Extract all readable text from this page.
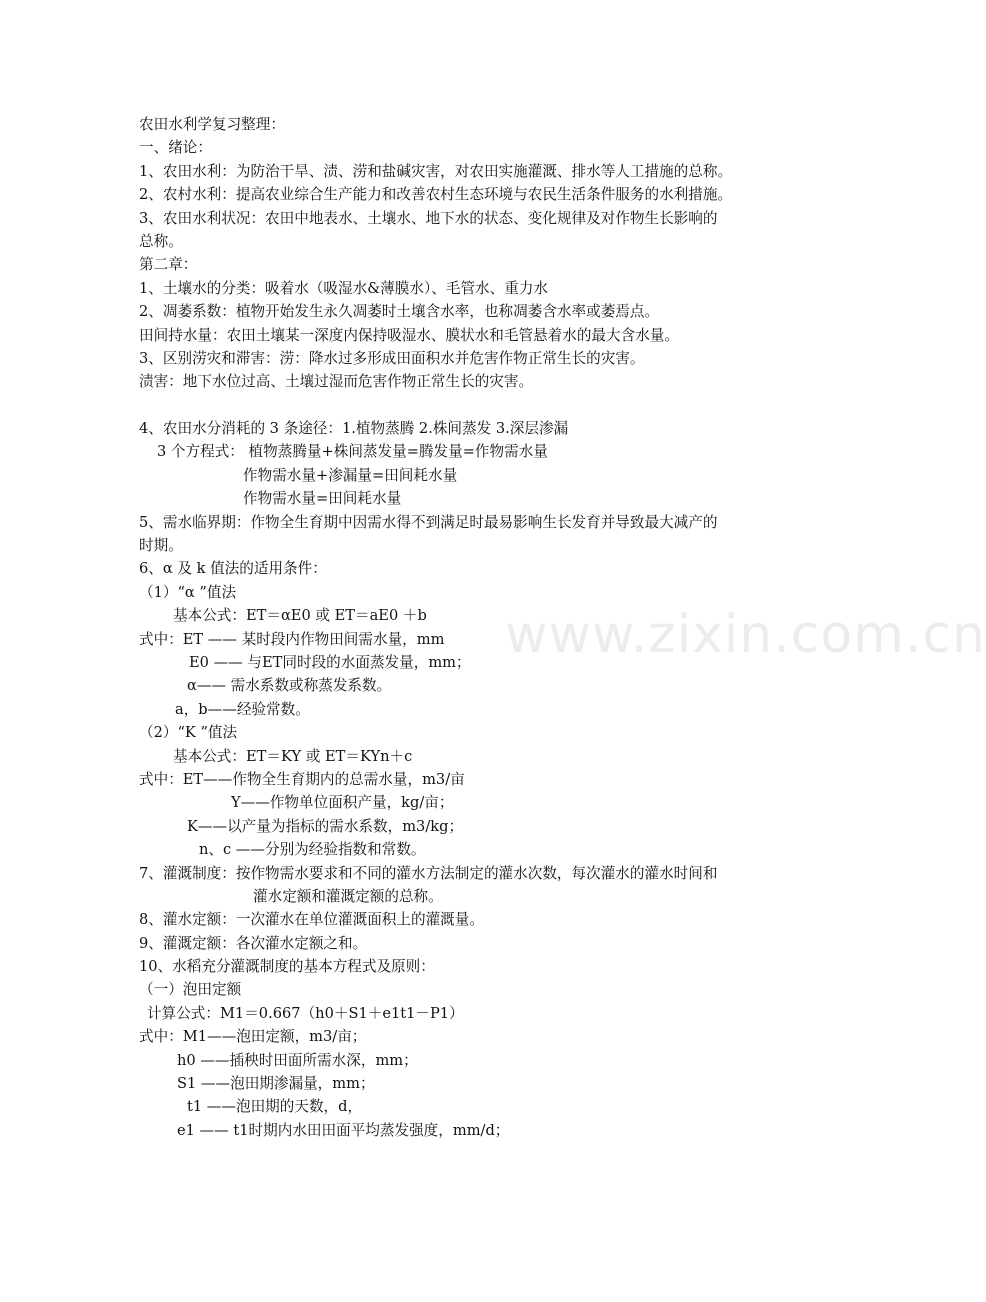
www.zixin.com.cn
农田水利学复习整理：
一、绪论：
1、农田水利：为防治干旱、渍、涝和盐碱灾害，对农田实施灌溉、排水等人工措施的总称。
2、农村水利：提高农业综合生产能力和改善农村生态环境与农民生活条件服务的水利措施。
3、农田水利状况：农田中地表水、土壤水、地下水的状态、变化规律及对作物生长影响的
总称。
第二章：
1、土壤水的分类：吸着水（吸湿水&薄膜水）、毛管水、重力水
2、凋萎系数：植物开始发生永久凋萎时土壤含水率，也称凋萎含水率或萎焉点。
田间持水量：农田土壤某一深度内保持吸湿水、膜状水和毛管悬着水的最大含水量。
3、区别涝灾和滞害：涝：降水过多形成田面积水并危害作物正常生长的灾害。
渍害：地下水位过高、土壤过湿而危害作物正常生长的灾害。
4、农田水分消耗的 3 条途径：1.植物蒸腾 2.株间蒸发 3.深层渗漏
3 个方程式： 植物蒸腾量+株间蒸发量=腾发量=作物需水量
作物需水量+渗漏量=田间耗水量
作物需水量=田间耗水量
5、需水临界期：作物全生育期中因需水得不到满足时最易影响生长发育并导致最大减产的
时期。
6、α 及 k 值法的适用条件：
（1）“α ”值法
基本公式：ET＝αE0 或 ET＝aE0 ＋b
式中：ET —— 某时段内作物田间需水量，mm
E0 —— 与ET同时段的水面蒸发量，mm；
α—— 需水系数或称蒸发系数。
a，b——经验常数。
（2）“K ”值法
基本公式：ET＝KY 或 ET＝KYn＋c
式中：ET——作物全生育期内的总需水量，m3/亩
Y——作物单位面积产量，kg/亩；
K——以产量为指标的需水系数，m3/kg；
n、c ——分别为经验指数和常数。
7、灌溉制度：按作物需水要求和不同的灌水方法制定的灌水次数，每次灌水的灌水时间和
灌水定额和灌溉定额的总称。
8、灌水定额：一次灌水在单位灌溉面积上的灌溉量。
9、灌溉定额：各次灌水定额之和。
10、水稻充分灌溉制度的基本方程式及原则：
（一）泡田定额
计算公式：M1＝0.667（h0＋S1＋e1t1－P1）
式中：M1——泡田定额，m3/亩；
h0 ——插秧时田面所需水深，mm；
S1 ——泡田期渗漏量，mm；
t1 ——泡田期的天数，d，
e1 —— t1时期内水田田面平均蒸发强度，mm/d；
